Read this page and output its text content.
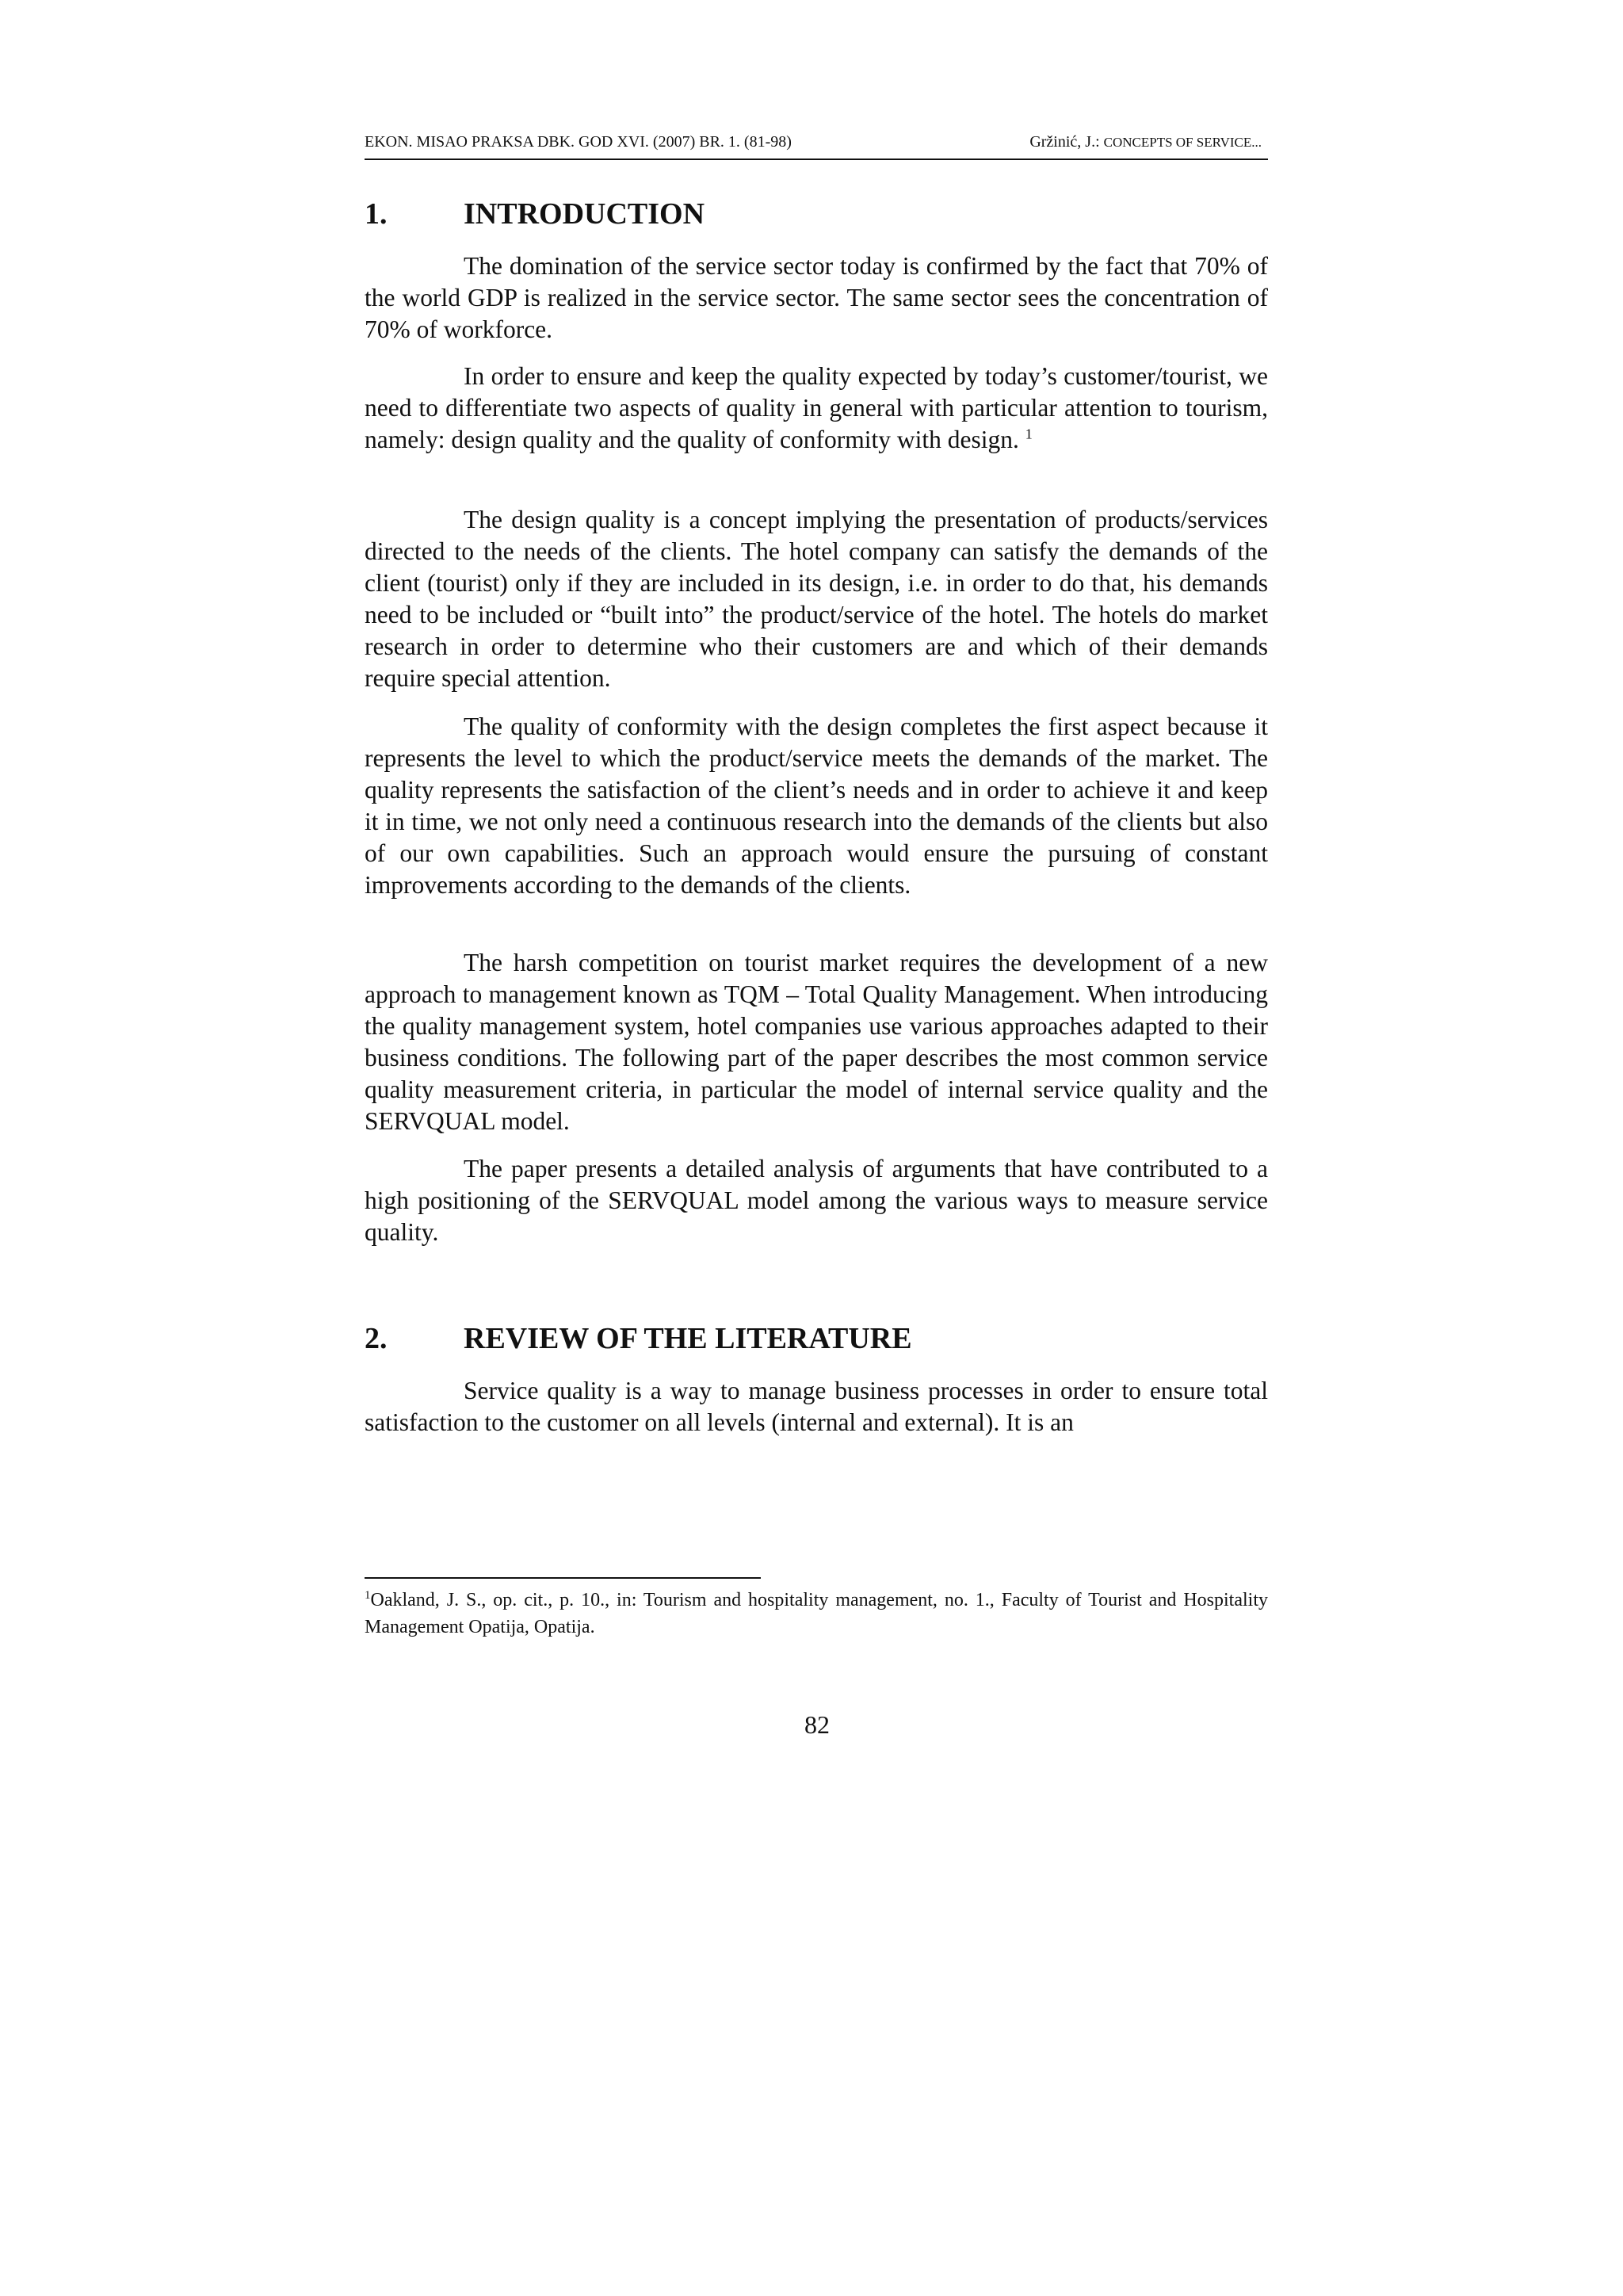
EKON. MISAO PRAKSA DBK. GOD XVI. (2007) BR. 1. (81-98)	Gržinić, J.: CONCEPTS OF SERVICE...
1.	INTRODUCTION

The domination of the service sector today is confirmed by the fact that 70% of the world GDP is realized in the service sector. The same sector sees the concentration of 70% of workforce.

In order to ensure and keep the quality expected by today’s customer/tourist, we need to differentiate two aspects of quality in general with particular attention to tourism, namely: design quality and the quality of conformity with design. $^1$

The design quality is a concept implying the presentation of products/services directed to the needs of the clients. The hotel company can satisfy the demands of the client (tourist) only if they are included in its design, i.e. in order to do that, his demands need to be included or “built into” the product/service of the hotel. The hotels do market research in order to determine who their customers are and which of their demands require special attention.

The quality of conformity with the design completes the first aspect because it represents the level to which the product/service meets the demands of the market. The quality represents the satisfaction of the client’s needs and in order to achieve it and keep it in time, we not only need a continuous research into the demands of the clients but also of our own capabilities. Such an approach would ensure the pursuing of constant improvements according to the demands of the clients.

The harsh competition on tourist market requires the development of a new approach to management known as TQM – Total Quality Management. When introducing the quality management system, hotel companies use various approaches adapted to their business conditions. The following part of the paper describes the most common service quality measurement criteria, in particular the model of internal service quality and the SERVQUAL model.

The paper presents a detailed analysis of arguments that have contributed to a high positioning of the SERVQUAL model among the various ways to measure service quality.

2.	REVIEW OF THE LITERATURE

Service quality is a way to manage business processes in order to ensure total satisfaction to the customer on all levels (internal and external). It is an

$^1$Oakland, J. S., op. cit., p. 10., in: Tourism and hospitality management, no. 1., Faculty of Tourist and Hospitality Management Opatija, Opatija.
82
